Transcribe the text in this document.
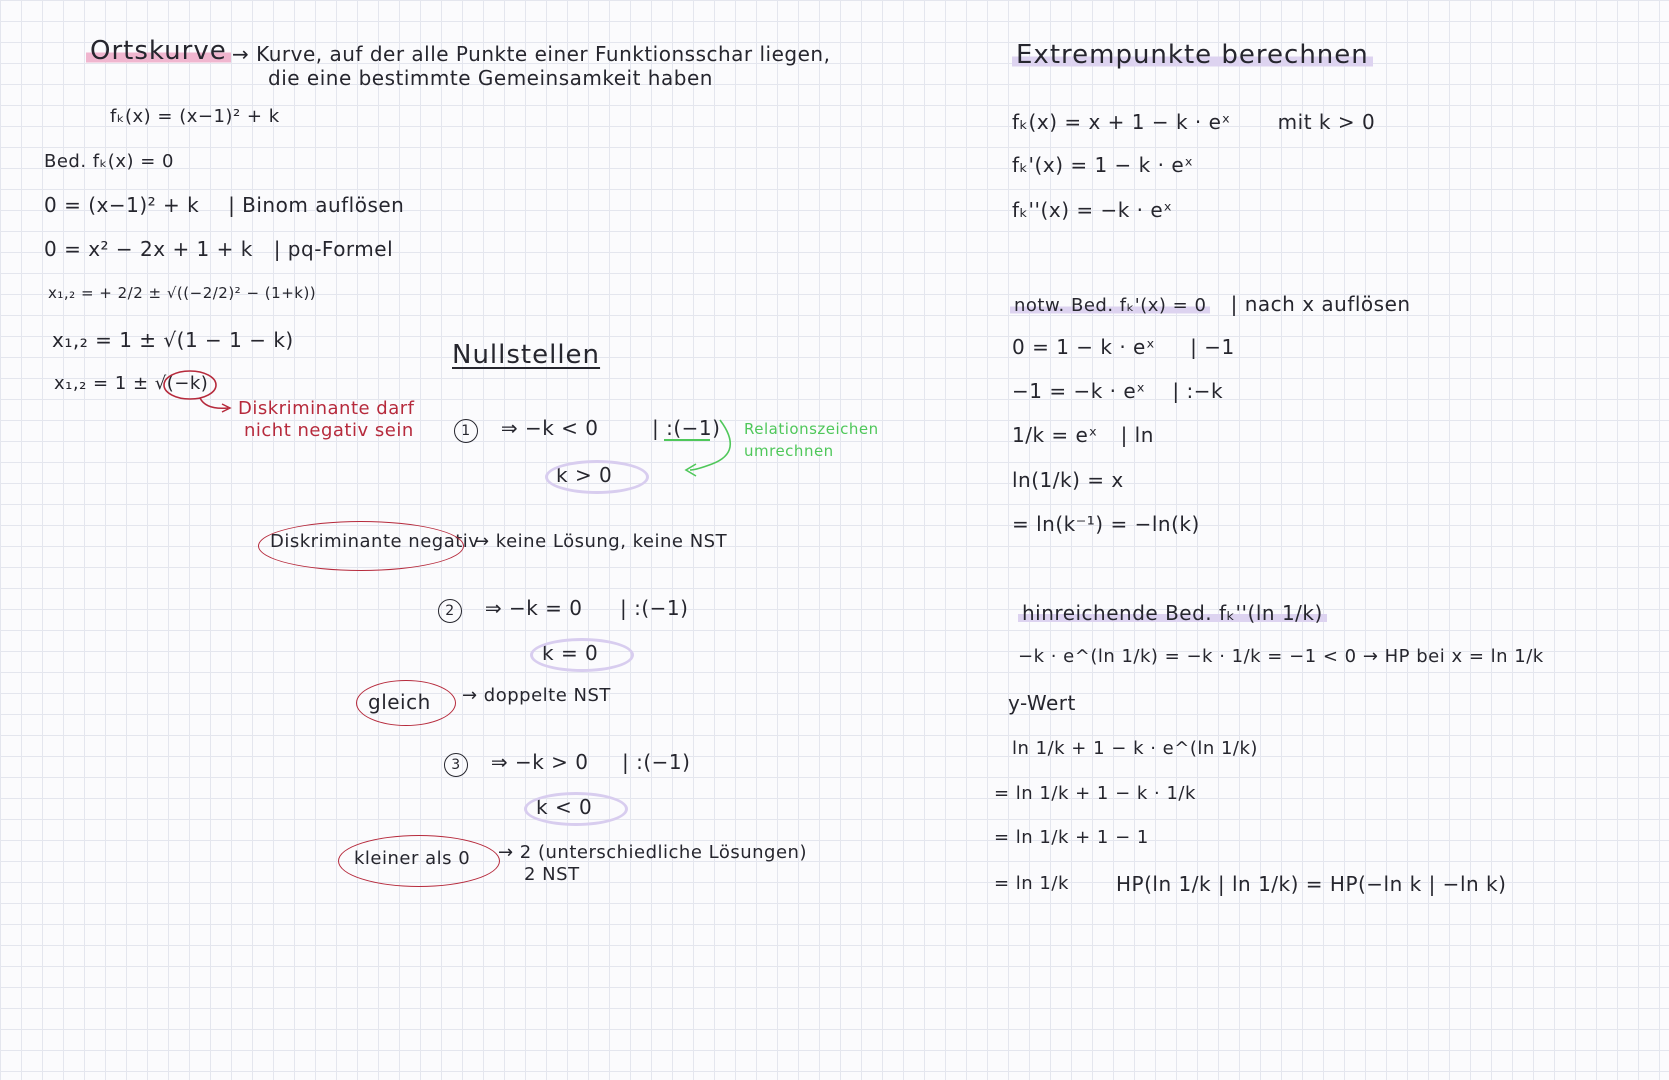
Ortskurve → Kurve, auf der alle Punkte einer Funktionsschar liegen,
die eine bestimmte Gemeinsamkeit haben
fₖ(x) = (x−1)² + k
Bed. fₖ(x) = 0
0 = (x−1)² + k | Binom auflösen
0 = x² − 2x + 1 + k | pq-Formel
x₁,₂ = + 2/2 ± √((−2/2)² − (1+k))
x₁,₂ = 1 ± √(1 − 1 − k)
x₁,₂ = 1 ± √(−k)
Diskriminante darf
nicht negativ sein
Nullstellen
1 ⇒ −k < 0	| :(−1) Relationszeichen
umrechnen
k > 0
Diskriminante negativ
→ keine Lösung, keine NST
2 ⇒ −k = 0 | :(−1)
k = 0
gleich → doppelte NST
3 ⇒ −k > 0 | :(−1)
k < 0
kleiner als 0 → 2 (unterschiedliche Lösungen)
2 NST
Extrempunkte berechnen
fₖ(x) = x + 1 − k · eˣ mit k > 0
fₖ'(x) = 1 − k · eˣ
fₖ''(x) = −k · eˣ
notw. Bed. fₖ'(x) = 0 | nach x auflösen
0 = 1 − k · eˣ | −1
−1 = −k · eˣ | :−k
1/k = eˣ | ln
ln(1/k) = x
= ln(k⁻¹) = −ln(k)
hinreichende Bed. fₖ''(ln 1/k)
−k · e^(ln 1/k) = −k · 1/k = −1 < 0 → HP bei x = ln 1/k
y-Wert
ln 1/k + 1 − k · e^(ln 1/k)
= ln 1/k + 1 − k · 1/k
= ln 1/k + 1 − 1
= ln 1/k HP(ln 1/k | ln 1/k) = HP(−ln k | −ln k)
